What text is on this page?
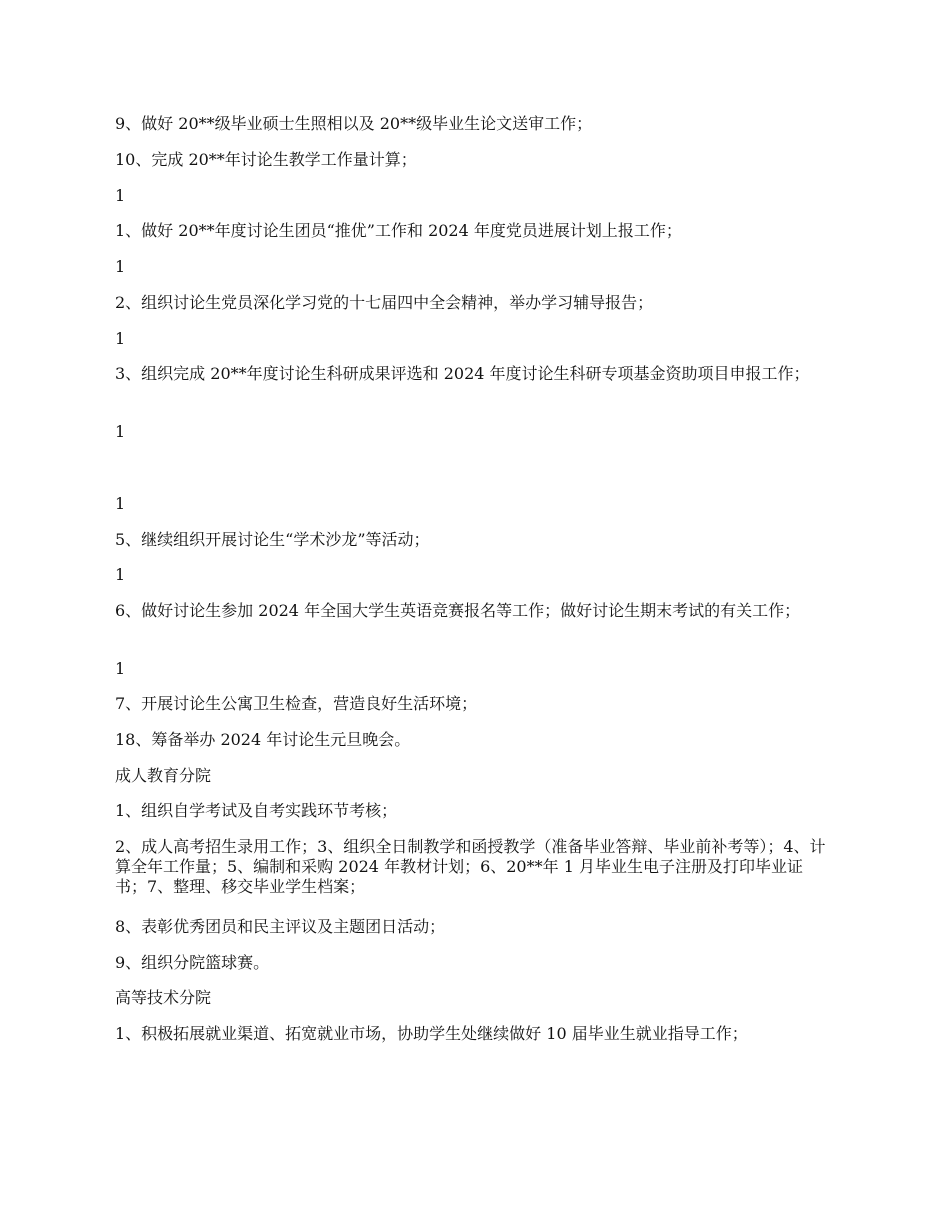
9、做好 20**级毕业硕士生照相以及 20**级毕业生论文送审工作；

10、完成 20**年讨论生教学工作量计算；

1

1、做好 20**年度讨论生团员“推优”工作和 2024 年度党员进展计划上报工作；

1

2、组织讨论生党员深化学习党的十七届四中全会精神，举办学习辅导报告；

1

3、组织完成 20**年度讨论生科研成果评选和 2024 年度讨论生科研专项基金资助项目申报工作；

1

1

5、继续组织开展讨论生“学术沙龙”等活动；

1

6、做好讨论生参加 2024 年全国大学生英语竞赛报名等工作；做好讨论生期末考试的有关工作；

1

7、开展讨论生公寓卫生检查，营造良好生活环境；

18、筹备举办 2024 年讨论生元旦晚会。

成人教育分院

1、组织自学考试及自考实践环节考核；

2、成人高考招生录用工作；3、组织全日制教学和函授教学（准备毕业答辩、毕业前补考等）；4、计算全年工作量；5、编制和采购 2024 年教材计划；6、20**年 1 月毕业生电子注册及打印毕业证书；7、整理、移交毕业学生档案；

8、表彰优秀团员和民主评议及主题团日活动；

9、组织分院篮球赛。

高等技术分院

1、积极拓展就业渠道、拓宽就业市场，协助学生处继续做好 10 届毕业生就业指导工作；
